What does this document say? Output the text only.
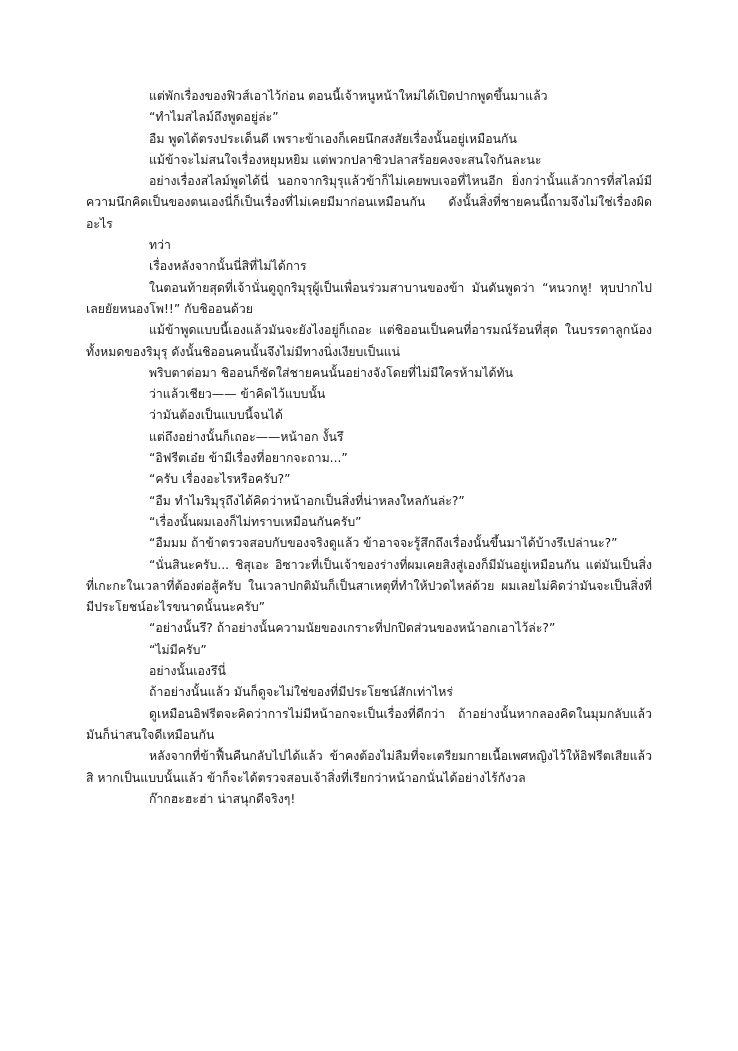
แต่พักเรื่องของฟิวส์เอาไว้ก่อน ตอนนี้เจ้าหนูหน้าใหม่ได้เปิดปากพูดขึ้นมาแล้ว

“ทำไมสไลม์ถึงพูดอยู่ล่ะ”

อืม พูดได้ตรงประเด็นดี เพราะข้าเองก็เคยนึกสงสัยเรื่องนั้นอยู่เหมือนกัน

แม้ข้าจะไม่สนใจเรื่องหยุมหยิม แต่พวกปลาซิวปลาสร้อยคงจะสนใจกันละนะ

อย่างเรื่องสไลม์พูดได้นี่ นอกจากริมุรุแล้วข้าก็ไม่เคยพบเจอที่ไหนอีก ยิ่งกว่านั้นแล้วการที่สไลม์มีความนึกคิดเป็นของตนเองนี่ก็เป็นเรื่องที่ไม่เคยมีมาก่อนเหมือนกัน ดังนั้นสิ่งที่ชายคนนี้ถามจึงไม่ใช่เรื่องผิดอะไร

ทว่า

เรื่องหลังจากนั้นนี่สิที่ไม่ได้การ

ในตอนท้ายสุดที่เจ้านั่นดูถูกริมุรุผู้เป็นเพื่อนร่วมสาบานของข้า มันดันพูดว่า “หนวกหู! หุบปากไปเลยยัยหนองโพ!!” กับชิออนด้วย

แม้ข้าพูดแบบนี้เองแล้วมันจะยังไงอยู่ก็เถอะ แต่ชิออนเป็นคนที่อารมณ์ร้อนที่สุด ในบรรดาลูกน้องทั้งหมดของริมุรุ ดังนั้นชิออนคนนั้นจึงไม่มีทางนิ่งเงียบเป็นแน่

พริบตาต่อมา ชิออนก็ซัดใส่ชายคนนั้นอย่างจังโดยที่ไม่มีใครห้ามได้ทัน

ว่าแล้วเชียว—— ข้าคิดไว้แบบนั้น

ว่ามันต้องเป็นแบบนี้จนได้

แต่ถึงอย่างนั้นก็เถอะ——หน้าอก งั้นรึ

“อิฟรีตเอ๋ย ข้ามีเรื่องที่อยากจะถาม...”

“ครับ เรื่องอะไรหรือครับ?”

“อืม ทำไมริมุรุถึงได้คิดว่าหน้าอกเป็นสิ่งที่น่าหลงใหลกันล่ะ?”

“เรื่องนั้นผมเองก็ไม่ทราบเหมือนกันครับ”

“อืมมม ถ้าข้าตรวจสอบกับของจริงดูแล้ว ข้าอาจจะรู้สึกถึงเรื่องนั้นขึ้นมาได้บ้างรึเปล่านะ?”

“นั่นสินะครับ... ชิสุเอะ อิซาวะที่เป็นเจ้าของร่างที่ผมเคยสิงสู่เองก็มีมันอยู่เหมือนกัน แต่มันเป็นสิ่งที่เกะกะในเวลาที่ต้องต่อสู้ครับ ในเวลาปกติมันก็เป็นสาเหตุที่ทำให้ปวดไหล่ด้วย ผมเลยไม่คิดว่ามันจะเป็นสิ่งที่มีประโยชน์อะไรขนาดนั้นนะครับ”

“อย่างนั้นรึ? ถ้าอย่างนั้นความนัยของเกราะที่ปกปิดส่วนของหน้าอกเอาไว้ล่ะ?”

“ไม่มีครับ”

อย่างนั้นเองรึนี่

ถ้าอย่างนั้นแล้ว มันก็ดูจะไม่ใช่ของที่มีประโยชน์สักเท่าไหร่

ดูเหมือนอิฟรีตจะคิดว่าการไม่มีหน้าอกจะเป็นเรื่องที่ดีกว่า ถ้าอย่างนั้นหากลองคิดในมุมกลับแล้วมันก็น่าสนใจดีเหมือนกัน

หลังจากที่ข้าฟื้นคืนกลับไปได้แล้ว ข้าคงต้องไม่ลืมที่จะเตรียมกายเนื้อเพศหญิงไว้ให้อิฟรีตเสียแล้วสิ หากเป็นแบบนั้นแล้ว ข้าก็จะได้ตรวจสอบเจ้าสิ่งที่เรียกว่าหน้าอกนั่นได้อย่างไร้กังวล

ก๊ากฮะฮะฮ่า น่าสนุกดีจริงๆ!
